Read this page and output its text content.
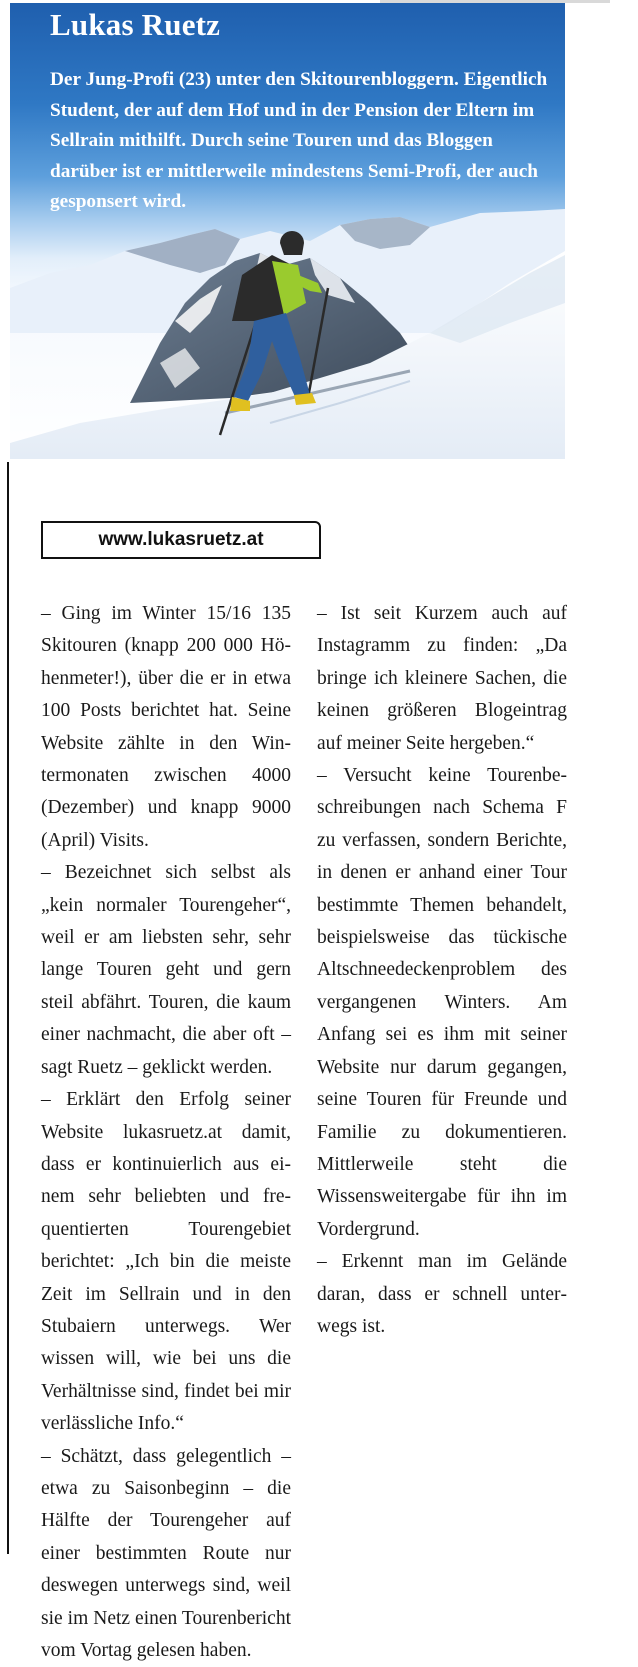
Lukas Ruetz

Der Jung-Profi (23) unter den Skitourenbloggern. Eigentlich Student, der auf dem Hof und in der Pension der Eltern im Sellrain mithilft. Durch seine Touren und das Bloggen darüber ist er mittlerweile mindestens Semi-Profi, der auch gesponsert wird.

www.lukasruetz.at

– Ging im Winter 15/16 135 Skitouren (knapp 200 000 Höhenmeter!), über die er in etwa 100 Posts berichtet hat. Seine Website zählte in den Wintermonaten zwischen 4000 (Dezember) und knapp 9000 (April) Visits.

– Bezeichnet sich selbst als „kein normaler Tourengeher“, weil er am liebsten sehr, sehr lange Touren geht und gern steil abfährt. Touren, die kaum einer nachmacht, die aber oft – sagt Ruetz – geklickt werden.

– Erklärt den Erfolg seiner Website lukasruetz.at damit, dass er kontinuierlich aus einem sehr beliebten und frequentierten Tourengebiet berichtet: „Ich bin die meiste Zeit im Sellrain und in den Stubaiern unterwegs. Wer wissen will, wie bei uns die Verhältnisse sind, findet bei mir verlässliche Info.“

– Schätzt, dass gelegentlich – etwa zu Saisonbeginn – die Hälfte der Tourengeher auf einer bestimmten Route nur deswegen unterwegs sind, weil sie im Netz einen Tourenbericht vom Vortag gelesen haben.

– Ist seit Kurzem auch auf Instagramm zu finden: „Da bringe ich kleinere Sachen, die keinen größeren Blogeintrag auf meiner Seite hergeben.“

– Versucht keine Tourenbeschreibungen nach Schema F zu verfassen, sondern Berichte, in denen er anhand einer Tour bestimmte Themen behandelt, beispielsweise das tückische Altschneedeckenproblem des vergangenen Winters. Am Anfang sei es ihm mit seiner Website nur darum gegangen, seine Touren für Freunde und Familie zu dokumentieren. Mittlerweile steht die Wissensweitergabe für ihn im Vordergrund.

– Erkennt man im Gelände daran, dass er schnell unterwegs ist.
